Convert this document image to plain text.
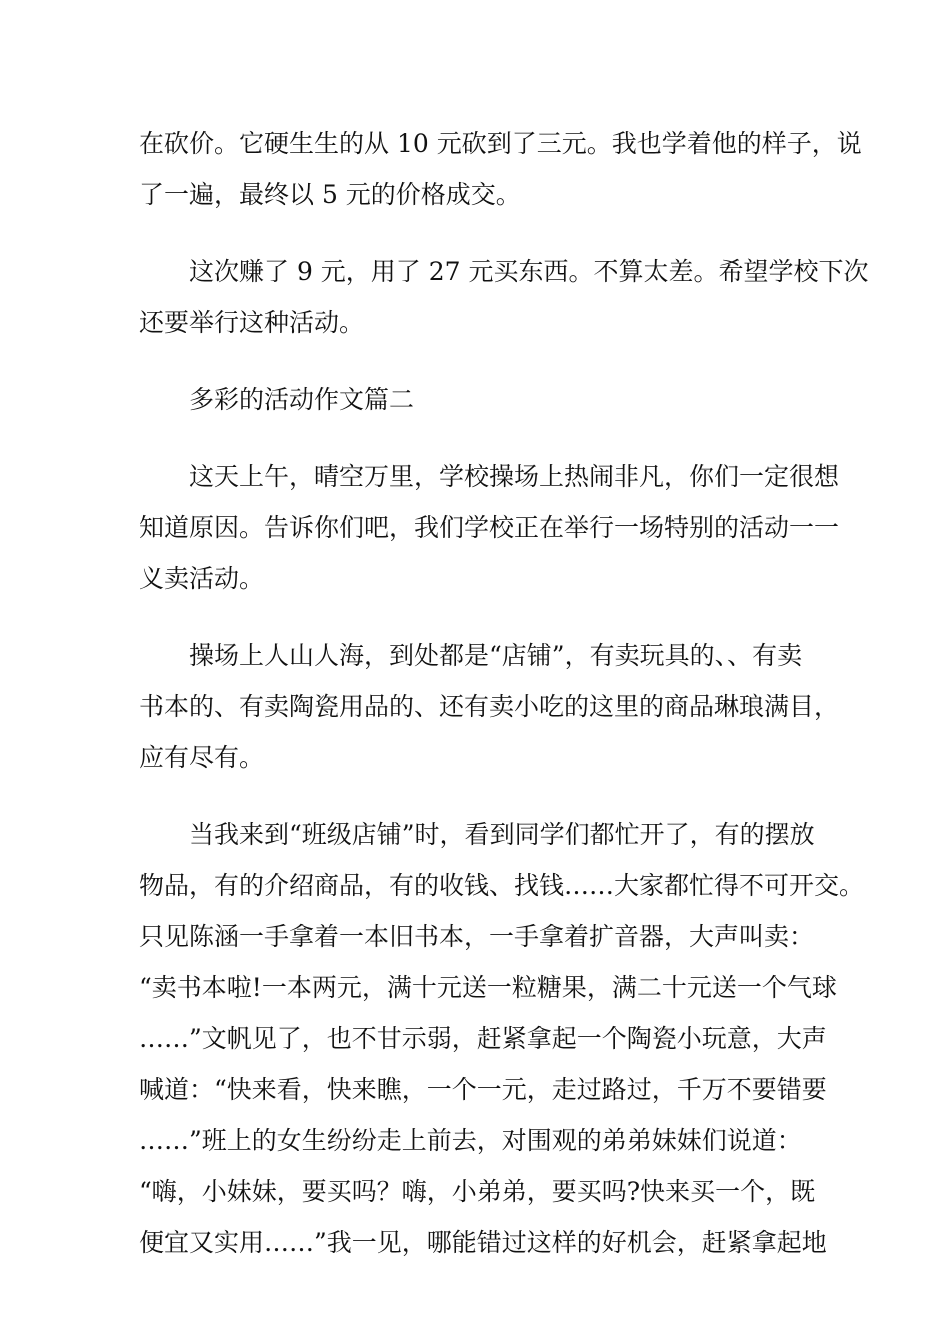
在砍价。它硬生生的从 10 元砍到了三元。我也学着他的样子，说
了一遍，最终以 5 元的价格成交。
这次赚了 9 元，用了 27 元买东西。不算太差。希望学校下次
还要举行这种活动。
多彩的活动作文篇二
这天上午，晴空万里，学校操场上热闹非凡，你们一定很想
知道原因。告诉你们吧，我们学校正在举行一场特别的活动一一
义卖活动。
操场上人山人海，到处都是“店铺”，有卖玩具的、、有卖
书本的、有卖陶瓷用品的、还有卖小吃的这里的商品琳琅满目，
应有尽有。
当我来到“班级店铺”时，看到同学们都忙开了，有的摆放
物品，有的介绍商品，有的收钱、找钱……大家都忙得不可开交。
只见陈涵一手拿着一本旧书本，一手拿着扩音器，大声叫卖：
“卖书本啦!一本两元，满十元送一粒糖果，满二十元送一个气球
……”文帆见了，也不甘示弱，赶紧拿起一个陶瓷小玩意，大声
喊道：“快来看，快来瞧，一个一元，走过路过，千万不要错要
……”班上的女生纷纷走上前去，对围观的弟弟妹妹们说道：
“嗨，小妹妹，要买吗？嗨，小弟弟，要买吗?快来买一个，既
便宜又实用……”我一见，哪能错过这样的好机会，赶紧拿起地
